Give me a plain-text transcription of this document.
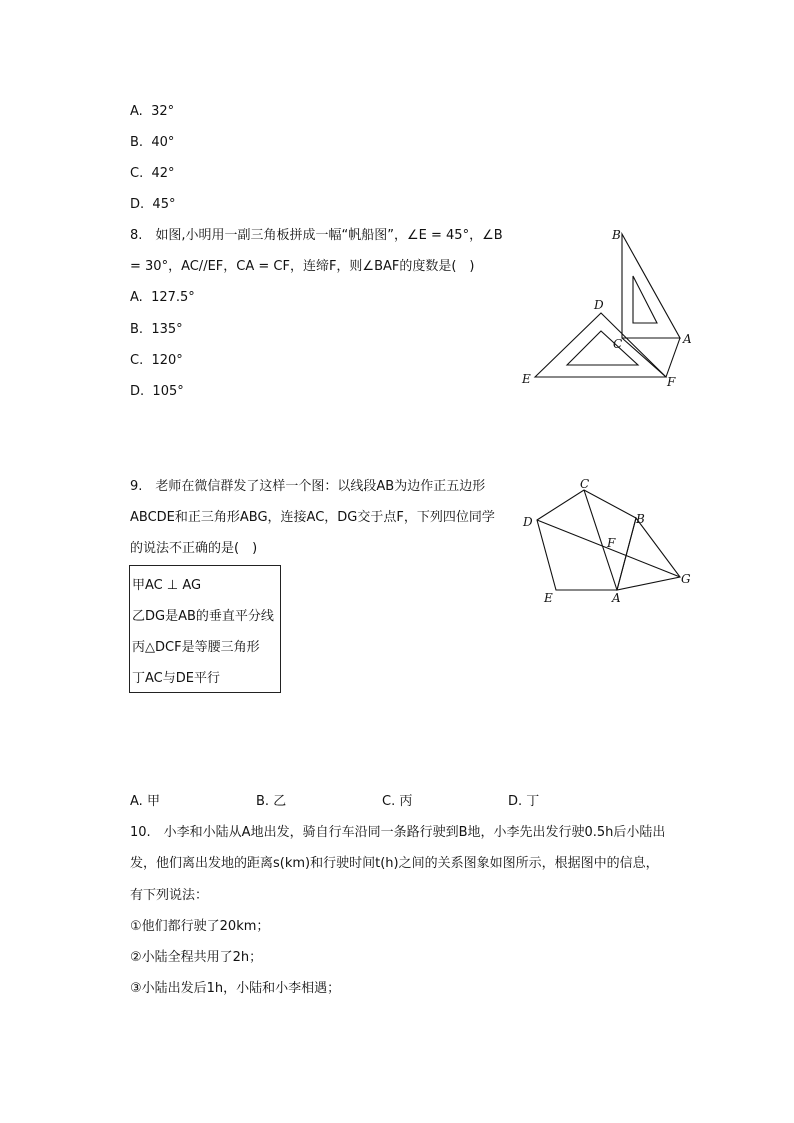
A. 32°
B. 40°
C. 42°
D. 45°
8.　如图,小明用一副三角板拼成一幅“帆船图”，∠E = 45°，∠B
= 30°，AC//EF，CA = CF，连缔F，则∠BAF的度数是(　)
A. 127.5°
B. 135°
C. 120°
D. 105°
B
D
C	A
E	F
9.　老师在微信群发了这样一个图：以线段AB为边作正五边形
ABCDE和正三角形ABG，连接AC，DG交于点F，下列四位同学
的说法不正确的是(　)
甲AC ⊥ AG
乙DG是AB的垂直平分线
丙△DCF是等腰三角形
丁AC与DE平行
C
B
D
F
G
E	A
A. 甲	B. 乙	C. 丙	D. 丁
10.　小李和小陆从A地出发，骑自行车沿同一条路行驶到B地，小李先出发行驶0.5h后小陆出
发，他们离出发地的距离s(km)和行驶时间t(h)之间的关系图象如图所示，根据图中的信息，
有下列说法：
①他们都行驶了20km；
②小陆全程共用了2h；
③小陆出发后1h，小陆和小李相遇；
